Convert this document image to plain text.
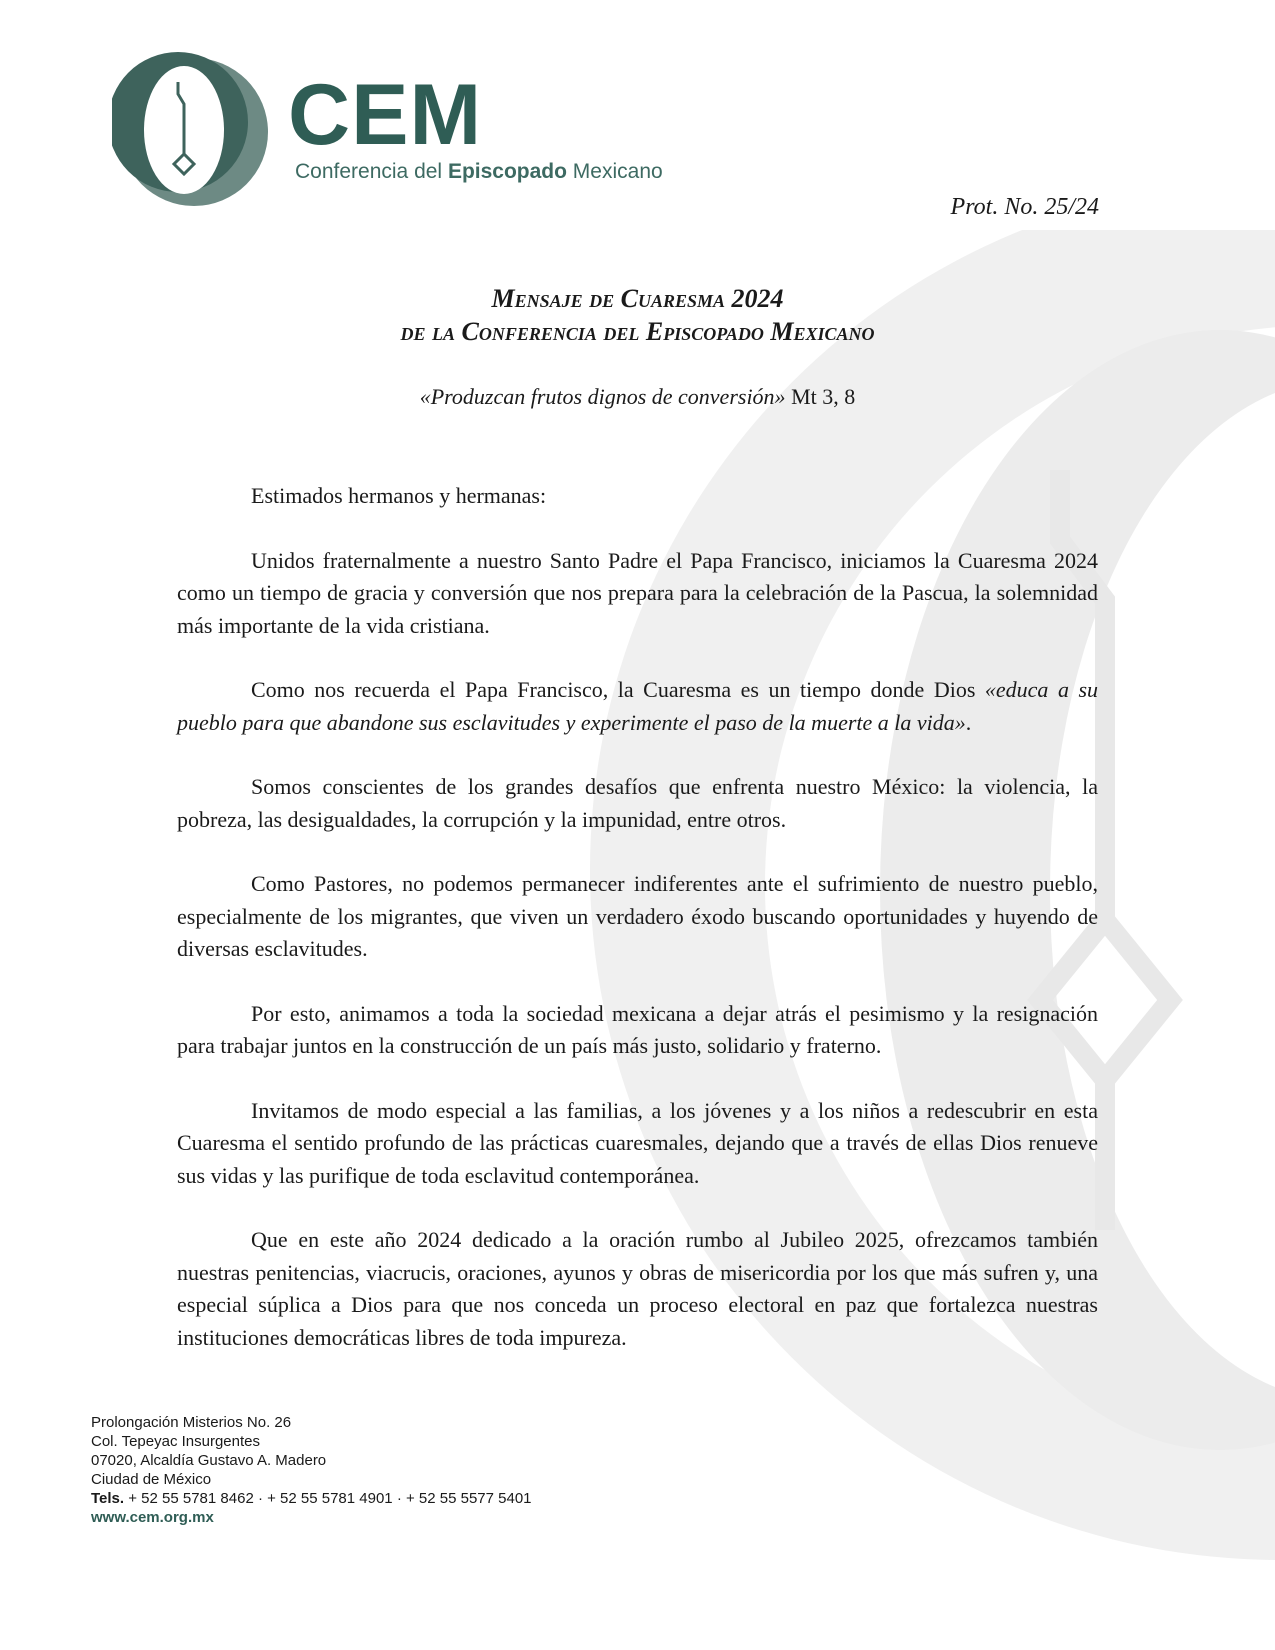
CEM
Conferencia del Episcopado Mexicano
Prot. No. 25/24
Mensaje de Cuaresma 2024
de la Conferencia del Episcopado Mexicano
«Produzcan frutos dignos de conversión» Mt 3, 8

Estimados hermanos y hermanas:

Unidos fraternalmente a nuestro Santo Padre el Papa Francisco, iniciamos la Cuaresma 2024 como un tiempo de gracia y conversión que nos prepara para la celebración de la Pascua, la solemnidad más importante de la vida cristiana.

Como nos recuerda el Papa Francisco, la Cuaresma es un tiempo donde Dios «educa a su pueblo para que abandone sus esclavitudes y experimente el paso de la muerte a la vida».

Somos conscientes de los grandes desafíos que enfrenta nuestro México: la violencia, la pobreza, las desigualdades, la corrupción y la impunidad, entre otros.

Como Pastores, no podemos permanecer indiferentes ante el sufrimiento de nuestro pueblo, especialmente de los migrantes, que viven un verdadero éxodo buscando oportunidades y huyendo de diversas esclavitudes.

Por esto, animamos a toda la sociedad mexicana a dejar atrás el pesimismo y la resignación para trabajar juntos en la construcción de un país más justo, solidario y fraterno.

Invitamos de modo especial a las familias, a los jóvenes y a los niños a redescubrir en esta Cuaresma el sentido profundo de las prácticas cuaresmales, dejando que a través de ellas Dios renueve sus vidas y las purifique de toda esclavitud contemporánea.

Que en este año 2024 dedicado a la oración rumbo al Jubileo 2025, ofrezcamos también nuestras penitencias, viacrucis, oraciones, ayunos y obras de misericordia por los que más sufren y, una especial súplica a Dios para que nos conceda un proceso electoral en paz que fortalezca nuestras instituciones democráticas libres de toda impureza.

Prolongación Misterios No. 26
Col. Tepeyac Insurgentes
07020, Alcaldía Gustavo A. Madero
Ciudad de México
Tels. + 52 55 5781 8462 · + 52 55 5781 4901 · + 52 55 5577 5401
www.cem.org.mx
